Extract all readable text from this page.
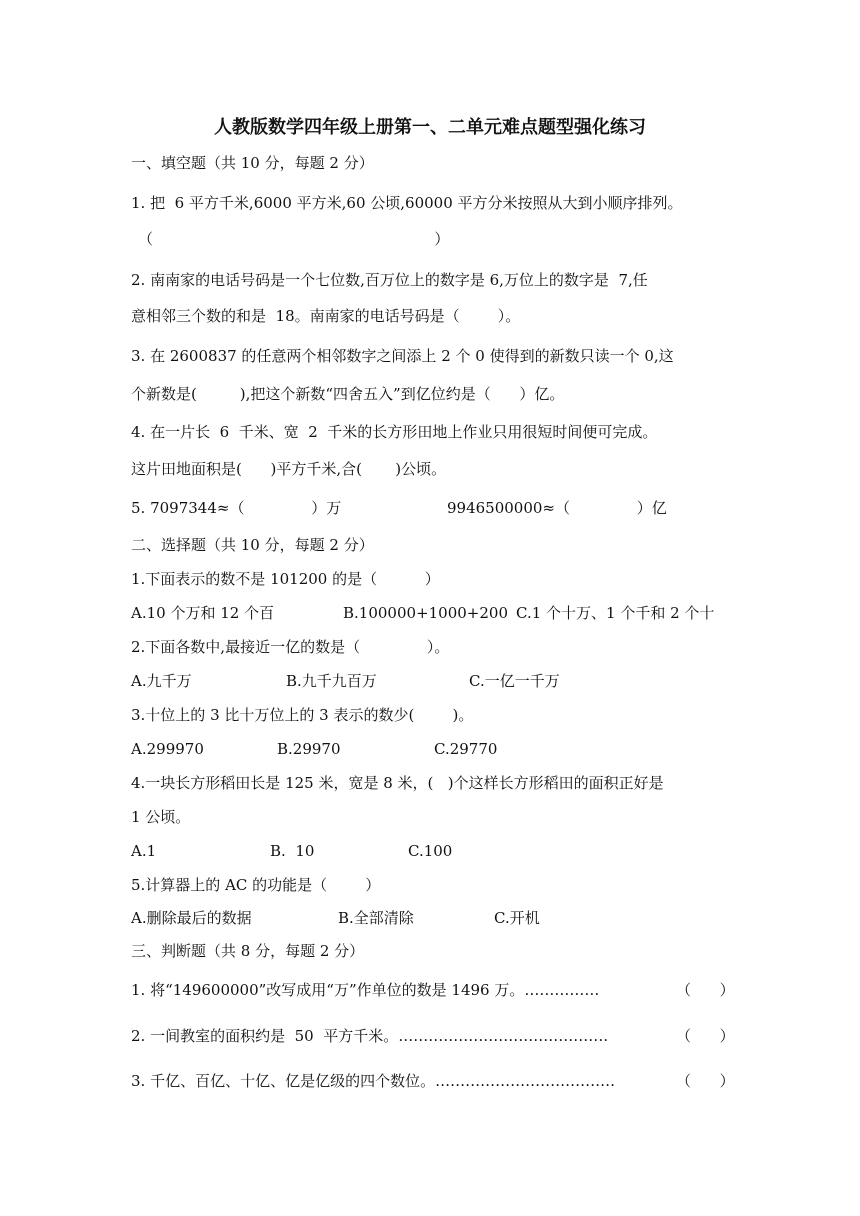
人教版数学四年级上册第一、二单元难点题型强化练习
一、填空题（共 10 分，每题 2 分）
1. 把  6 平方千米,6000 平方米,60 公顷,60000 平方分米按照从大到小顺序排列。
（                                                           ）
2. 南南家的电话号码是一个七位数,百万位上的数字是 6,万位上的数字是  7,任
意相邻三个数的和是  18。南南家的电话号码是（        ）。
3. 在 2600837 的任意两个相邻数字之间添上 2 个 0 使得到的新数只读一个 0,这
个新数是(         ),把这个新数“四舍五入”到亿位约是（      ）亿。
4. 在一片长  6  千米、宽  2  千米的长方形田地上作业只用很短时间便可完成。
这片田地面积是(      )平方千米,合(       )公顷。
5. 7097344≈（              ）万	9946500000≈（              ）亿
二、选择题（共 10 分，每题 2 分）
1.下面表示的数不是 101200 的是（          ）
A.10 个万和 12 个百	B.100000+1000+200 C.1 个十万、1 个千和 2 个十
2.下面各数中,最接近一亿的数是（              ）。
A.九千万	B.九千九百万	C.一亿一千万
3.十位上的 3 比十万位上的 3 表示的数少(        )。
A.299970	B.29970	C.29770
4.一块长方形稻田长是 125 米，宽是 8 米，(   )个这样长方形稻田的面积正好是
1 公顷。
A.1	B.  10	C.100
5.计算器上的 AC 的功能是（        ）
A.删除最后的数据	B.全部清除	C.开机
三、判断题（共 8 分，每题 2 分）
1. 将“149600000”改写成用“万”作单位的数是 1496 万。……………	（      ）
2. 一间教室的面积约是  50  平方千米。……………………………………	（      ）
3. 千亿、百亿、十亿、亿是亿级的四个数位。………………………………	（      ）
